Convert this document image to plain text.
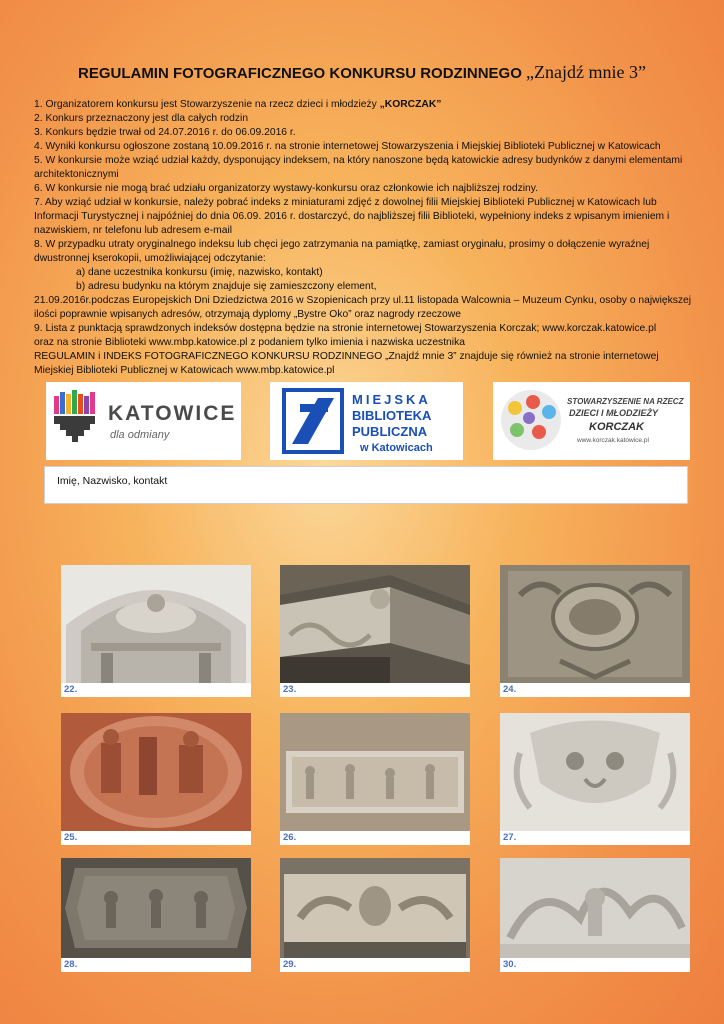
REGULAMIN FOTOGRAFICZNEGO KONKURSU RODZINNEGO „Znajdź mnie 3”

1. Organizatorem konkursu jest Stowarzyszenie na rzecz dzieci i młodzieży „KORCZAK”

2. Konkurs przeznaczony jest dla całych rodzin

3. Konkurs będzie trwał od 24.07.2016 r. do 06.09.2016 r.

4. Wyniki konkursu ogłoszone zostaną 10.09.2016 r. na stronie internetowej Stowarzyszenia i Miejskiej Biblioteki Publicznej w Katowicach

5. W konkursie może wziąć udział każdy, dysponujący indeksem, na który nanoszone będą katowickie adresy budynków z danymi elementami architektonicznymi

6. W konkursie nie mogą brać udziału organizatorzy wystawy-konkursu oraz członkowie ich najbliższej rodziny.

7. Aby wziąć udział w konkursie, należy pobrać indeks z miniaturami zdjęć z dowolnej filii Miejskiej Biblioteki Publicznej w Katowicach lub Informacji Turystycznej i najpóźniej do dnia 06.09. 2016 r. dostarczyć, do najbliższej filii Biblioteki, wypełniony indeks z wpisanym imieniem i nazwiskiem, nr telefonu lub adresem e-mail

8. W przypadku utraty oryginalnego indeksu lub chęci jego zatrzymania na pamiątkę, zamiast oryginału, prosimy o dołączenie wyraźnej dwustronnej kserokopii, umożliwiającej odczytanie:

a) dane uczestnika konkursu (imię, nazwisko, kontakt)

b) adresu budynku na którym znajduje się zamieszczony element,

21.09.2016r.podczas Europejskich Dni Dziedzictwa 2016 w Szopienicach przy ul.11 listopada Walcownia – Muzeum Cynku, osoby o największej ilości poprawnie wpisanych adresów, otrzymają dyplomy „Bystre Oko” oraz nagrody rzeczowe

9. Lista z punktacją sprawdzonych indeksów dostępna będzie na stronie internetowej Stowarzyszenia Korczak; www.korczak.katowice.pl

oraz na stronie Biblioteki www.mbp.katowice.pl z podaniem tylko imienia i nazwiska uczestnika

REGULAMIN i INDEKS FOTOGRAFICZNEGO KONKURSU RODZINNEGO „Znajdź mnie 3” znajduje się również na stronie internetowej Miejskiej Biblioteki Publicznej w Katowicach www.mbp.katowice.pl

KATOWICE
dla odmiany
MIEJSKA
BIBLIOTEKA
PUBLICZNA
w Katowicach
STOWARZYSZENIE NA RZECZ
DZIECI I MŁODZIEŻY
KORCZAK
www.korczak.katowice.pl
Imię, Nazwisko, kontakt
22.	23.	24.
25.	26.	27.
28.	29.	30.
